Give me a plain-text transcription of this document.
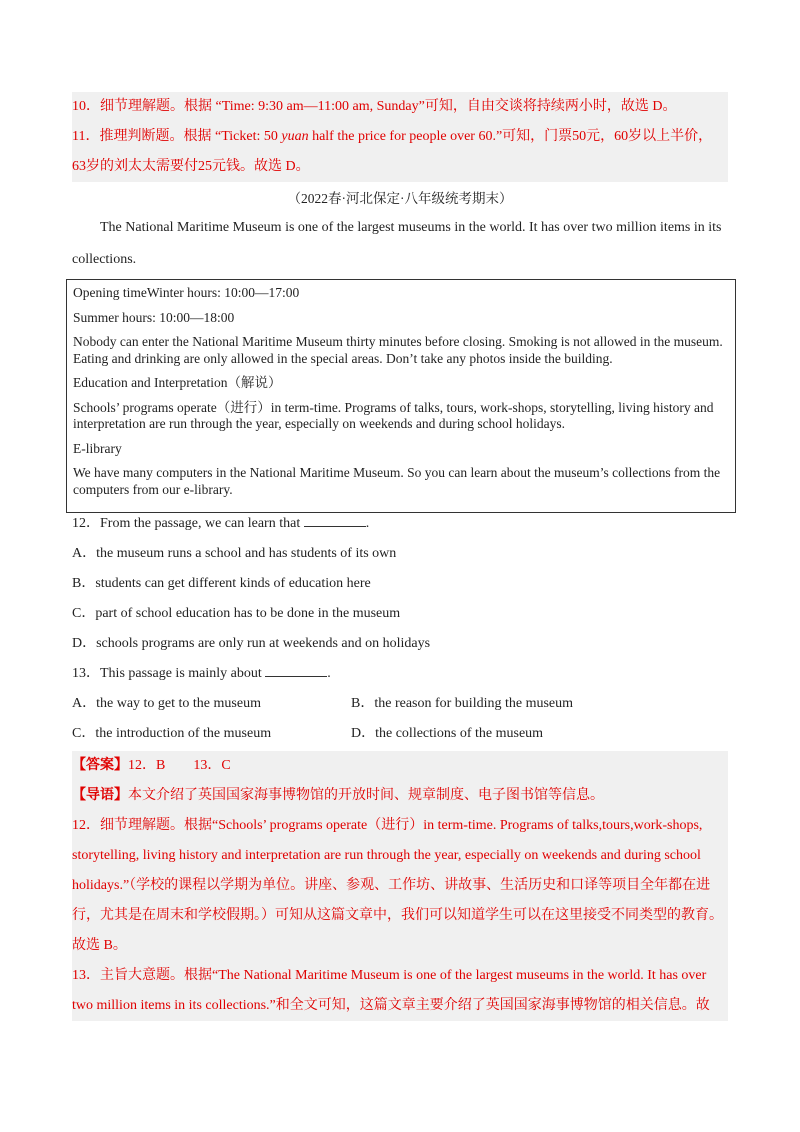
10．细节理解题。根据 “Time: 9:30 am—11:00 am, Sunday”可知，自由交谈将持续两小时，故选 D。
11．推理判断题。根据 “Ticket: 50 yuan half the price for people over 60.”可知，门票50元，60岁以上半价，
63岁的刘太太需要付25元钱。故选 D。
（2022春·河北保定·八年级统考期末）
The National Maritime Museum is one of the largest museums in the world. It has over two million items in its
collections.

Opening timeWinter hours: 10:00—17:00

Summer hours: 10:00—18:00

Nobody can enter the National Maritime Museum thirty minutes before closing. Smoking is not allowed in the museum. Eating and drinking are only allowed in the special areas. Don’t take any photos inside the building.

Education and Interpretation（解说）

Schools’ programs operate（进行）in term-time. Programs of talks, tours, work-shops, storytelling, living history and interpretation are run through the year, especially on weekends and during school holidays.

E-library

We have many computers in the National Maritime Museum. So you can learn about the museum’s collections from the computers from our e-library.

12．From the passage, we can learn that	.
A．the museum runs a school and has students of its own
B．students can get different kinds of education here
C．part of school education has to be done in the museum
D．schools programs are only run at weekends and on holidays
13．This passage is mainly about	.
A．the way to get to the museum	B．the reason for building the museum
C．the introduction of the museum	D．the collections of the museum
【答案】12．B　　13．C
【导语】本文介绍了英国国家海事博物馆的开放时间、规章制度、电子图书馆等信息。
12．细节理解题。根据“Schools’ programs operate（进行）in term-time. Programs of talks,tours,work-shops,
storytelling, living history and interpretation are run through the year, especially on weekends and during school
holidays.”（学校的课程以学期为单位。讲座、参观、工作坊、讲故事、生活历史和口译等项目全年都在进
行，尤其是在周末和学校假期。）可知从这篇文章中，我们可以知道学生可以在这里接受不同类型的教育。
故选 B。
13．主旨大意题。根据“The National Maritime Museum is one of the largest museums in the world. It has over
two million items in its collections.”和全文可知，这篇文章主要介绍了英国国家海事博物馆的相关信息。故
